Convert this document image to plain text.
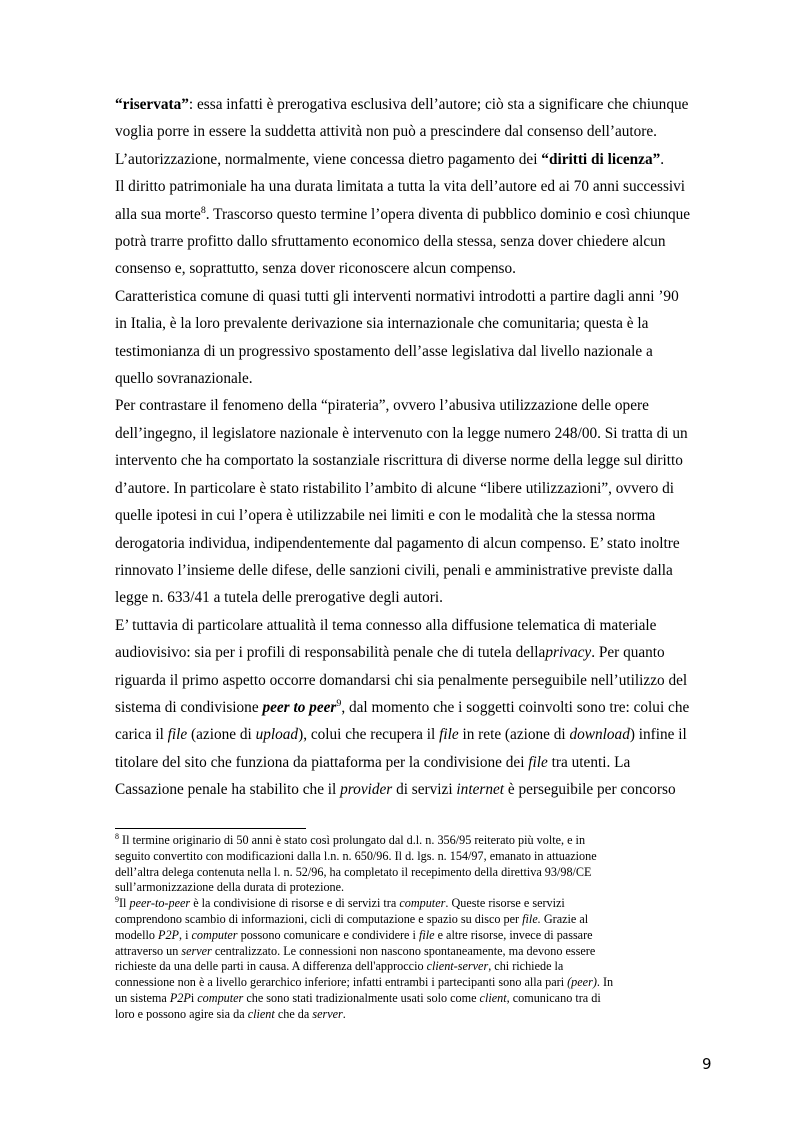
“riservata”: essa infatti è prerogativa esclusiva dell’autore; ciò sta a significare che chiunque
voglia porre in essere la suddetta attività non può a prescindere dal consenso dell’autore.
L’autorizzazione, normalmente, viene concessa dietro pagamento dei “diritti di licenza”.
Il diritto patrimoniale ha una durata limitata a tutta la vita dell’autore ed ai 70 anni successivi
alla sua morte$^8$. Trascorso questo termine l’opera diventa di pubblico dominio e così chiunque
potrà trarre profitto dallo sfruttamento economico della stessa, senza dover chiedere alcun
consenso e, soprattutto, senza dover riconoscere alcun compenso.
Caratteristica comune di quasi tutti gli interventi normativi introdotti a partire dagli anni ’90
in Italia, è la loro prevalente derivazione sia internazionale che comunitaria; questa è la
testimonianza di un progressivo spostamento dell’asse legislativa dal livello nazionale a
quello sovranazionale.
Per contrastare il fenomeno della “pirateria”, ovvero l’abusiva utilizzazione delle opere
dell’ingegno, il legislatore nazionale è intervenuto con la legge numero 248/00. Si tratta di un
intervento che ha comportato la sostanziale riscrittura di diverse norme della legge sul diritto
d’autore. In particolare è stato ristabilito l’ambito di alcune “libere utilizzazioni”, ovvero di
quelle ipotesi in cui l’opera è utilizzabile nei limiti e con le modalità che la stessa norma
derogatoria individua, indipendentemente dal pagamento di alcun compenso. E’ stato inoltre
rinnovato l’insieme delle difese, delle sanzioni civili, penali e amministrative previste dalla
legge n. 633/41 a tutela delle prerogative degli autori.
E’ tuttavia di particolare attualità il tema connesso alla diffusione telematica di materiale
audiovisivo: sia per i profili di responsabilità penale che di tutela dellaprivacy. Per quanto
riguarda il primo aspetto occorre domandarsi chi sia penalmente perseguibile nell’utilizzo del
sistema di condivisione peer to peer$^9$, dal momento che i soggetti coinvolti sono tre: colui che
carica il file (azione di upload), colui che recupera il file in rete (azione di download) infine il
titolare del sito che funziona da piattaforma per la condivisione dei file tra utenti. La
Cassazione penale ha stabilito che il provider di servizi internet è perseguibile per concorso
$^8$ Il termine originario di 50 anni è stato così prolungato dal d.l. n. 356/95 reiterato più volte, e in
seguito convertito con modificazioni dalla l.n. n. 650/96. Il d. lgs. n. 154/97, emanato in attuazione
dell’altra delega contenuta nella l. n. 52/96, ha completato il recepimento della direttiva 93/98/CE
sull’armonizzazione della durata di protezione.
$^9$Il peer-to-peer è la condivisione di risorse e di servizi tra computer. Queste risorse e servizi
comprendono scambio di informazioni, cicli di computazione e spazio su disco per file. Grazie al
modello P2P, i computer possono comunicare e condividere i file e altre risorse, invece di passare
attraverso un server centralizzato. Le connessioni non nascono spontaneamente, ma devono essere
richieste da una delle parti in causa. A differenza dell'approccio client-server, chi richiede la
connessione non è a livello gerarchico inferiore; infatti entrambi i partecipanti sono alla pari (peer). In
un sistema P2Pi computer che sono stati tradizionalmente usati solo come client, comunicano tra di
loro e possono agire sia da client che da server.
9
